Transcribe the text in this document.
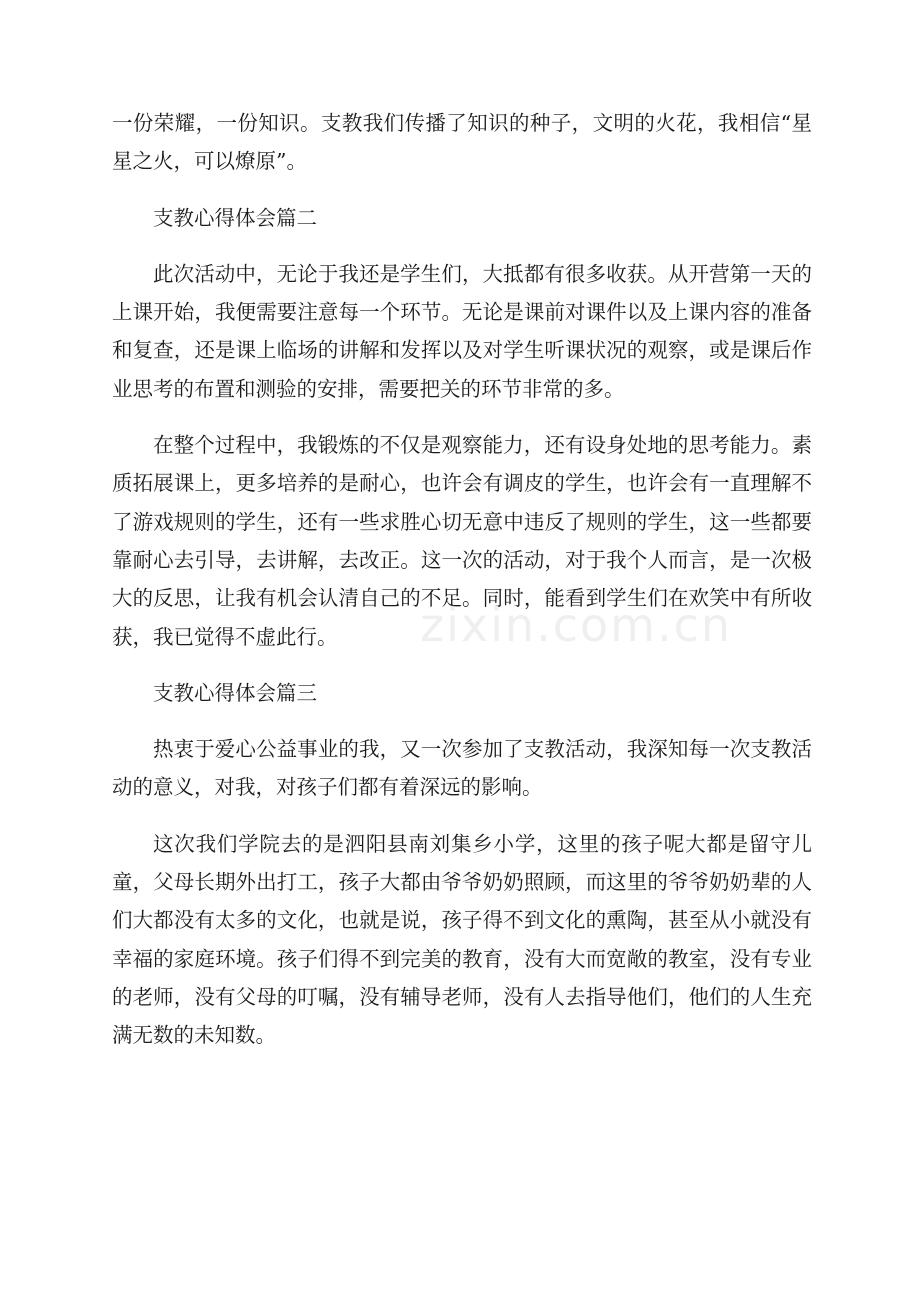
一份荣耀，一份知识。支教我们传播了知识的种子，文明的火花，我相信“星星之火，可以燎原”。

支教心得体会篇二

此次活动中，无论于我还是学生们，大抵都有很多收获。从开营第一天的上课开始，我便需要注意每一个环节。无论是课前对课件以及上课内容的准备和复查，还是课上临场的讲解和发挥以及对学生听课状况的观察，或是课后作业思考的布置和测验的安排，需要把关的环节非常的多。

在整个过程中，我锻炼的不仅是观察能力，还有设身处地的思考能力。素质拓展课上，更多培养的是耐心，也许会有调皮的学生，也许会有一直理解不了游戏规则的学生，还有一些求胜心切无意中违反了规则的学生，这一些都要靠耐心去引导，去讲解，去改正。这一次的活动，对于我个人而言，是一次极大的反思，让我有机会认清自己的不足。同时，能看到学生们在欢笑中有所收获，我已觉得不虚此行。

支教心得体会篇三

热衷于爱心公益事业的我，又一次参加了支教活动，我深知每一次支教活动的意义，对我，对孩子们都有着深远的影响。

这次我们学院去的是泗阳县南刘集乡小学，这里的孩子呢大都是留守儿童，父母长期外出打工，孩子大都由爷爷奶奶照顾，而这里的爷爷奶奶辈的人们大都没有太多的文化，也就是说，孩子得不到文化的熏陶，甚至从小就没有幸福的家庭环境。孩子们得不到完美的教育，没有大而宽敞的教室，没有专业的老师，没有父母的叮嘱，没有辅导老师，没有人去指导他们，他们的人生充满无数的未知数。

zixin.com.cn
